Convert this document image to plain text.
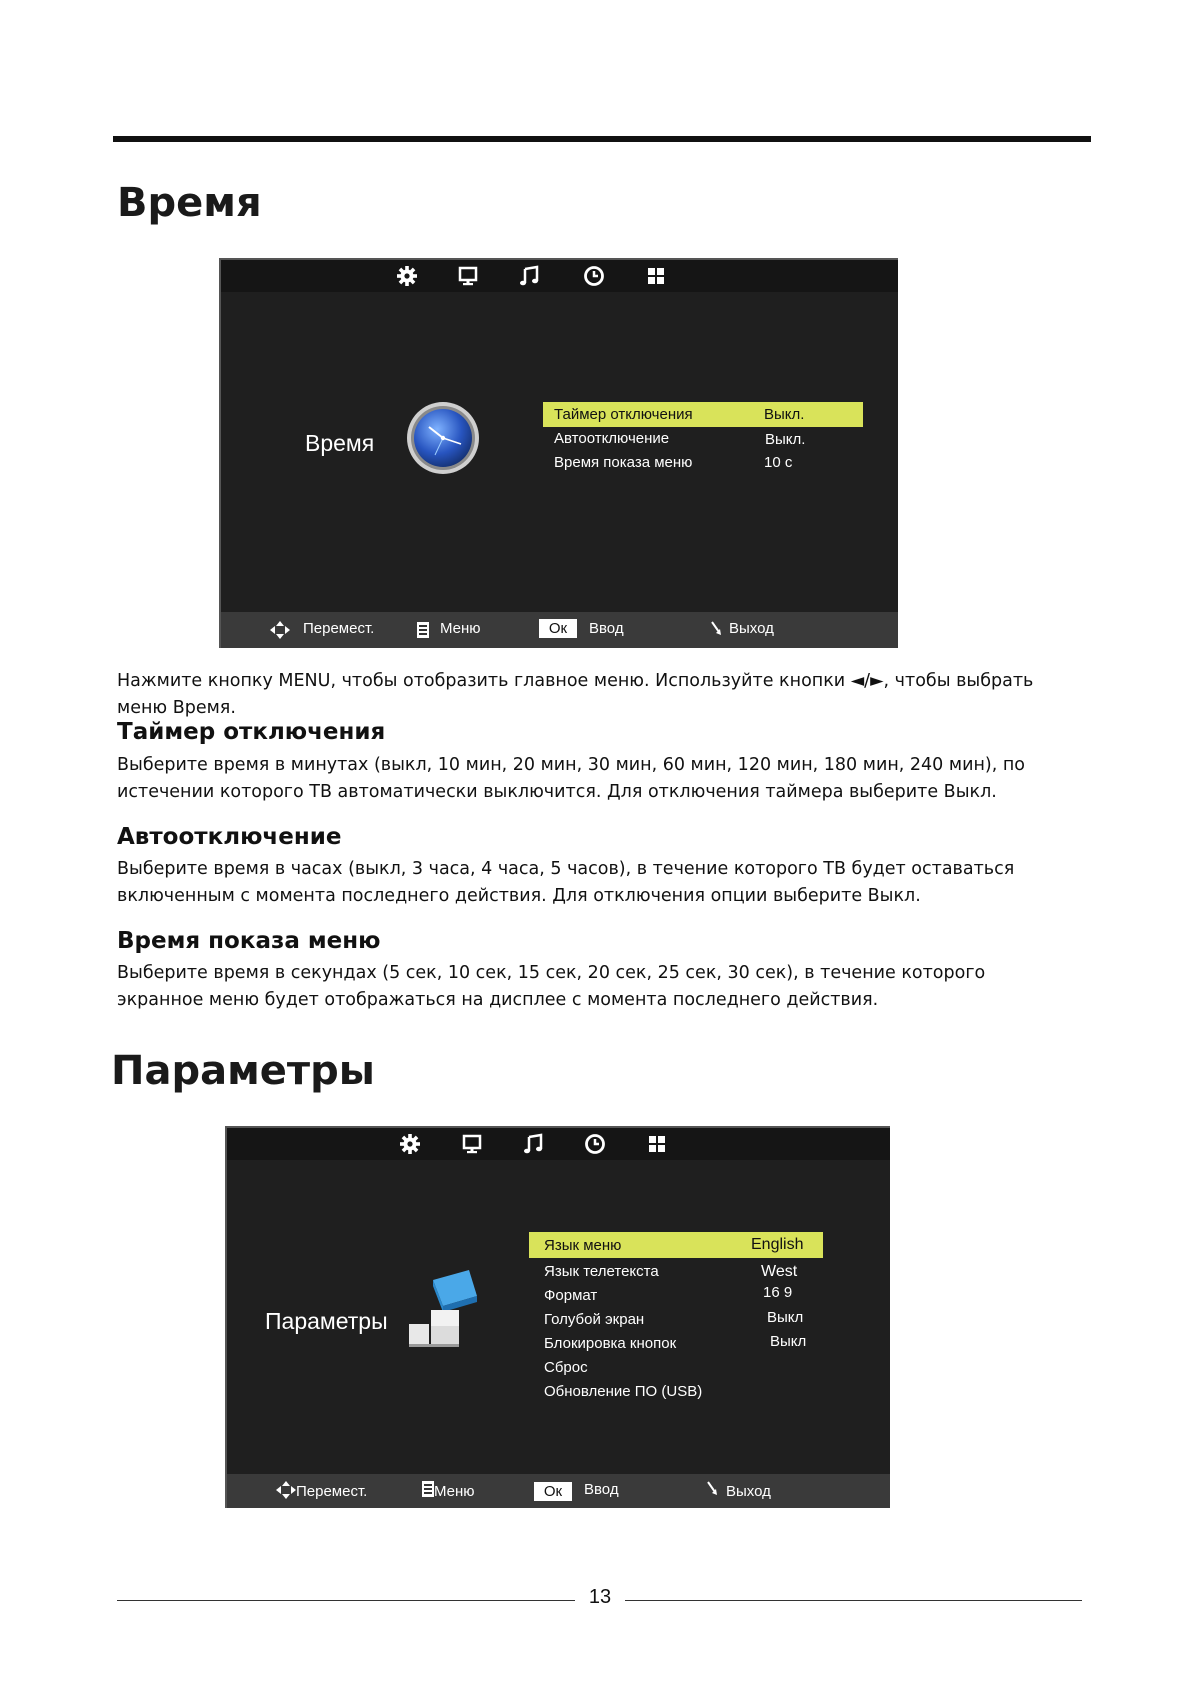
Время
Время
Таймер отключения	Выкл.
Автоотключение	Выкл.
Время показа меню	10 с
Перемест.	Меню	Ок	Ввод	Выход

Нажмите кнопку MENU, чтобы отобразить главное меню. Используйте кнопки ◄/►, чтобы выбрать меню Время.

Таймер отключения

Выберите время в минутах (выкл, 10 мин, 20 мин, 30 мин, 60 мин, 120 мин, 180 мин, 240 мин), по истечении которого ТВ автоматически выключится. Для отключения таймера выберите Выкл.

Автоотключение

Выберите время в часах (выкл, 3 часа, 4 часа, 5 часов), в течение которого ТВ будет оставаться включенным с момента последнего действия. Для отключения опции выберите Выкл.

Время показа меню

Выберите время в секундах (5 сек, 10 сек, 15 сек, 20 сек, 25 сек, 30 сек), в течение которого экранное меню будет отображаться на дисплее с момента последнего действия.

Параметры
Параметры
Язык меню	English
Язык телетекста	West
Формат	16 9
Голубой экран	Выкл
Блокировка кнопок	Выкл
Сброс
Обновление ПО (USB)
Перемест.	Меню	Ок	Ввод	Выход
13
